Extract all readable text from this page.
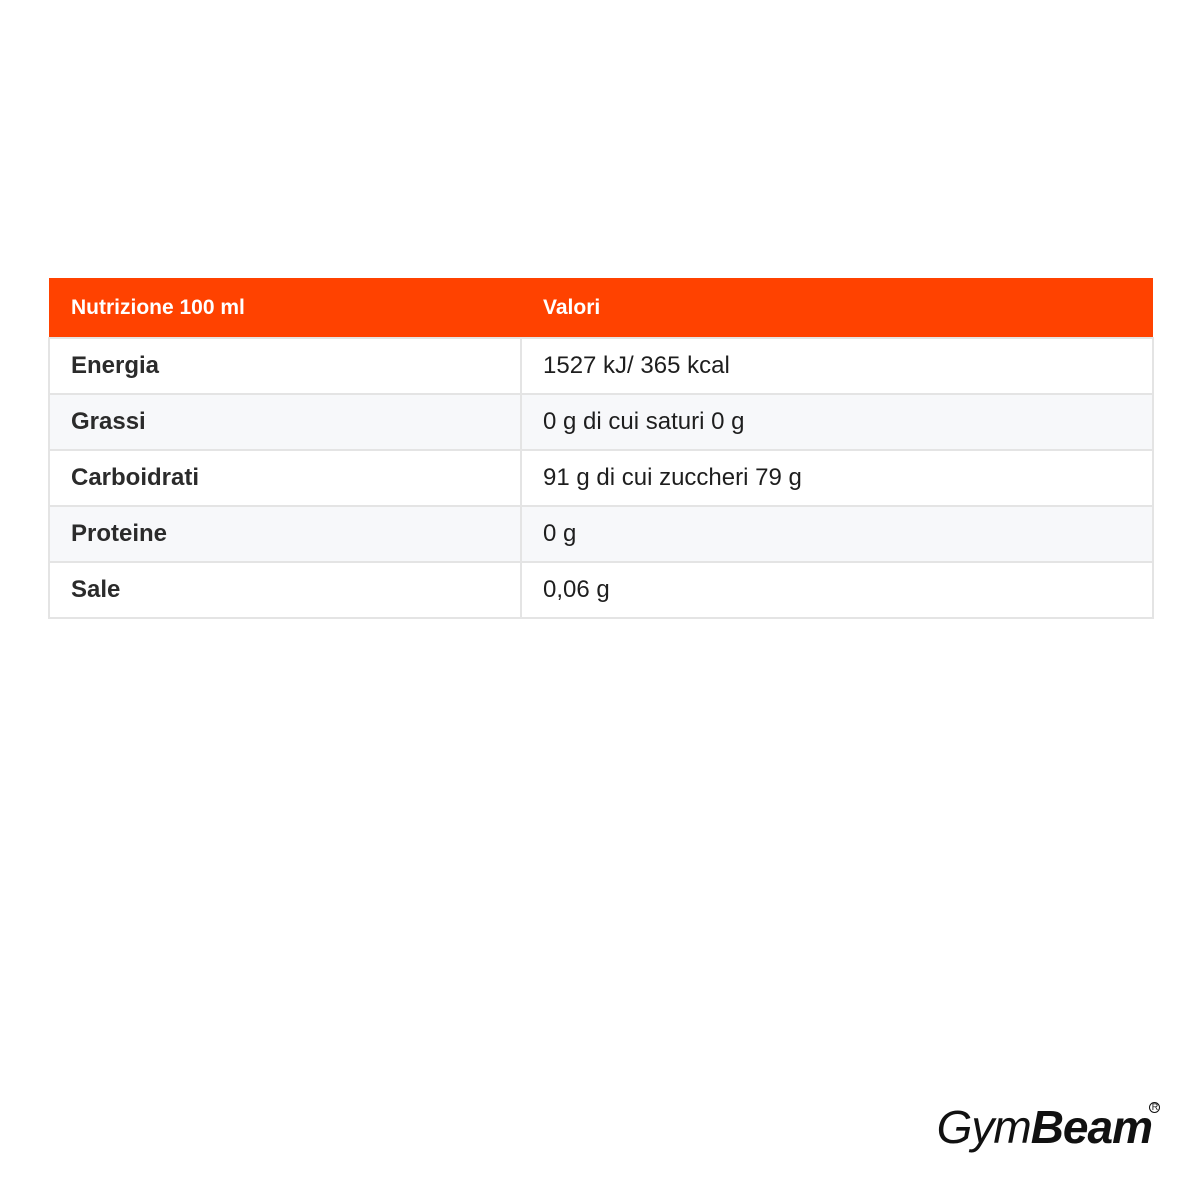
Nutrizione 100 ml	Valori
Energia	1527 kJ/ 365 kcal
Grassi	0 g di cui saturi 0 g
Carboidrati	91 g di cui zuccheri 79 g
Proteine	0 g
Sale	0,06 g
GymBeam R
